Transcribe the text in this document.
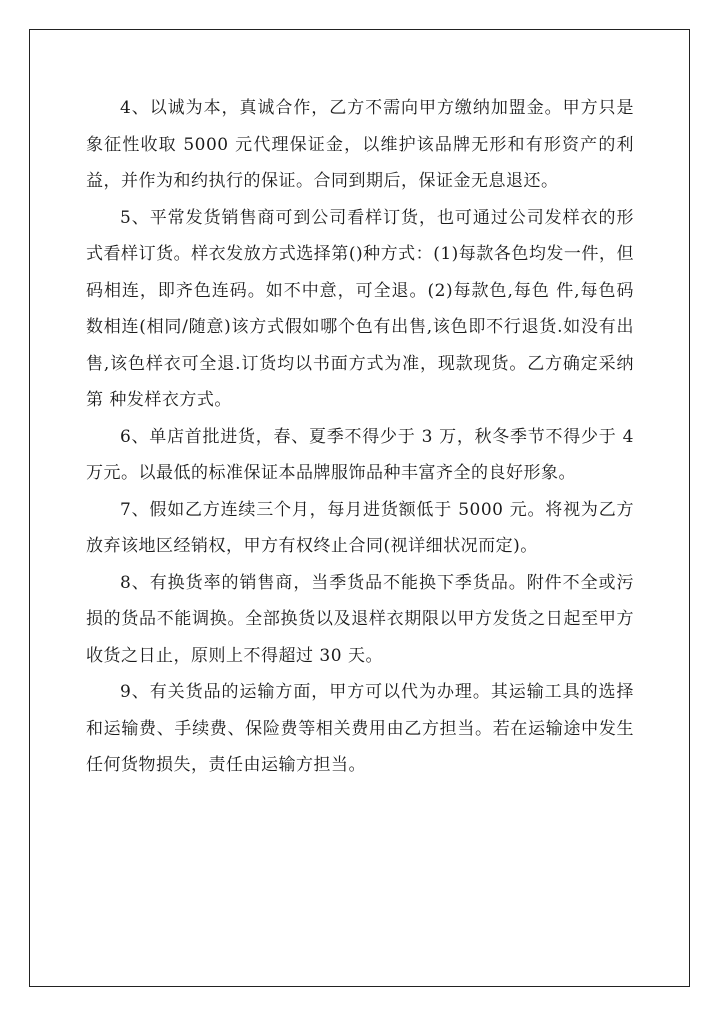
4、以诚为本，真诚合作，乙方不需向甲方缴纳加盟金。甲方只是象征性收取 5000 元代理保证金，以维护该品牌无形和有形资产的利益，并作为和约执行的保证。合同到期后，保证金无息退还。

5、平常发货销售商可到公司看样订货，也可通过公司发样衣的形式看样订货。样衣发放方式选择第()种方式：(1)每款各色均发一件，但码相连，即齐色连码。如不中意，可全退。(2)每款色,每色 件,每色码数相连(相同/随意)该方式假如哪个色有出售,该色即不行退货.如没有出售,该色样衣可全退.订货均以书面方式为准，现款现货。乙方确定采纳第 种发样衣方式。

6、单店首批进货，春、夏季不得少于 3 万，秋冬季节不得少于 4 万元。以最低的标准保证本品牌服饰品种丰富齐全的良好形象。

7、假如乙方连续三个月，每月进货额低于 5000 元。将视为乙方放弃该地区经销权，甲方有权终止合同(视详细状况而定)。

8、有换货率的销售商，当季货品不能换下季货品。附件不全或污损的货品不能调换。全部换货以及退样衣期限以甲方发货之日起至甲方收货之日止，原则上不得超过 30 天。

9、有关货品的运输方面，甲方可以代为办理。其运输工具的选择和运输费、手续费、保险费等相关费用由乙方担当。若在运输途中发生任何货物损失，责任由运输方担当。
